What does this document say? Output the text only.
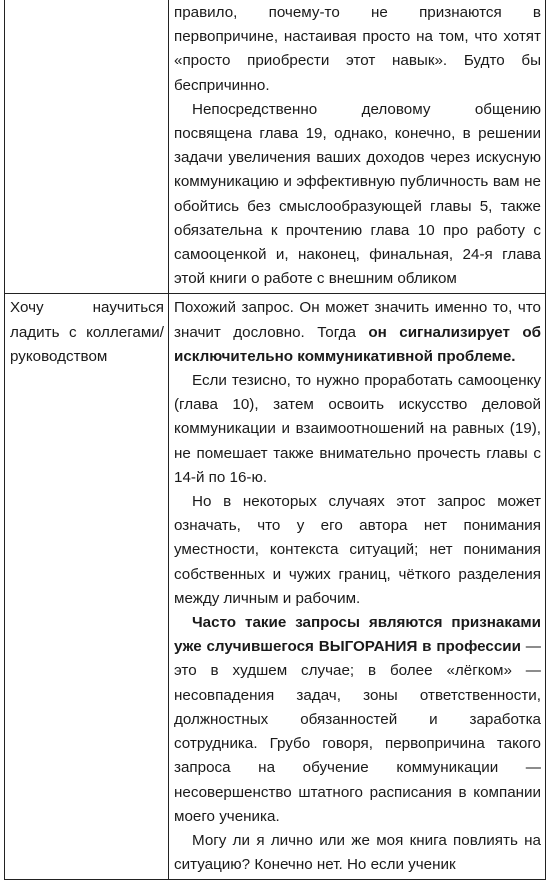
	правило, почему-то не признаются в первопричине, настаивая просто на том, что хотят «просто приобрести этот навык». Будто бы беспричинно.

Непосредственно деловому общению посвящена глава 19, однако, конечно, в решении задачи увеличения ваших доходов через искусную коммуникацию и эффективную публичность вам не обойтись без смыслообразующей главы 5, также обязательна к прочтению глава 10 про работу с самооценкой и, наконец, финальная, 24-я глава этой книги о работе с внешним обликом

Хочу научиться ладить с коллегами/ руководством	Похожий запрос. Он может значить именно то, что значит дословно. Тогда он сигнализирует об исключительно коммуникативной проблеме.

Если тезисно, то нужно проработать самооценку (глава 10), затем освоить искусство деловой коммуникации и взаимоотношений на равных (19), не помешает также внимательно прочесть главы с 14-й по 16-ю.

Но в некоторых случаях этот запрос может означать, что у его автора нет понимания уместности, контекста ситуаций; нет понимания собственных и чужих границ, чёткого разделения между личным и рабочим.

Часто такие запросы являются признаками уже случившегося ВЫГОРАНИЯ в профессии — это в худшем случае; в более «лёгком» — несовпадения задач, зоны ответственности, должностных обязанностей и заработка сотрудника. Грубо говоря, первопричина такого запроса на обучение коммуникации — несовершенство штатного расписания в компании моего ученика.

Могу ли я лично или же моя книга повлиять на ситуацию? Конечно нет. Но если ученик
